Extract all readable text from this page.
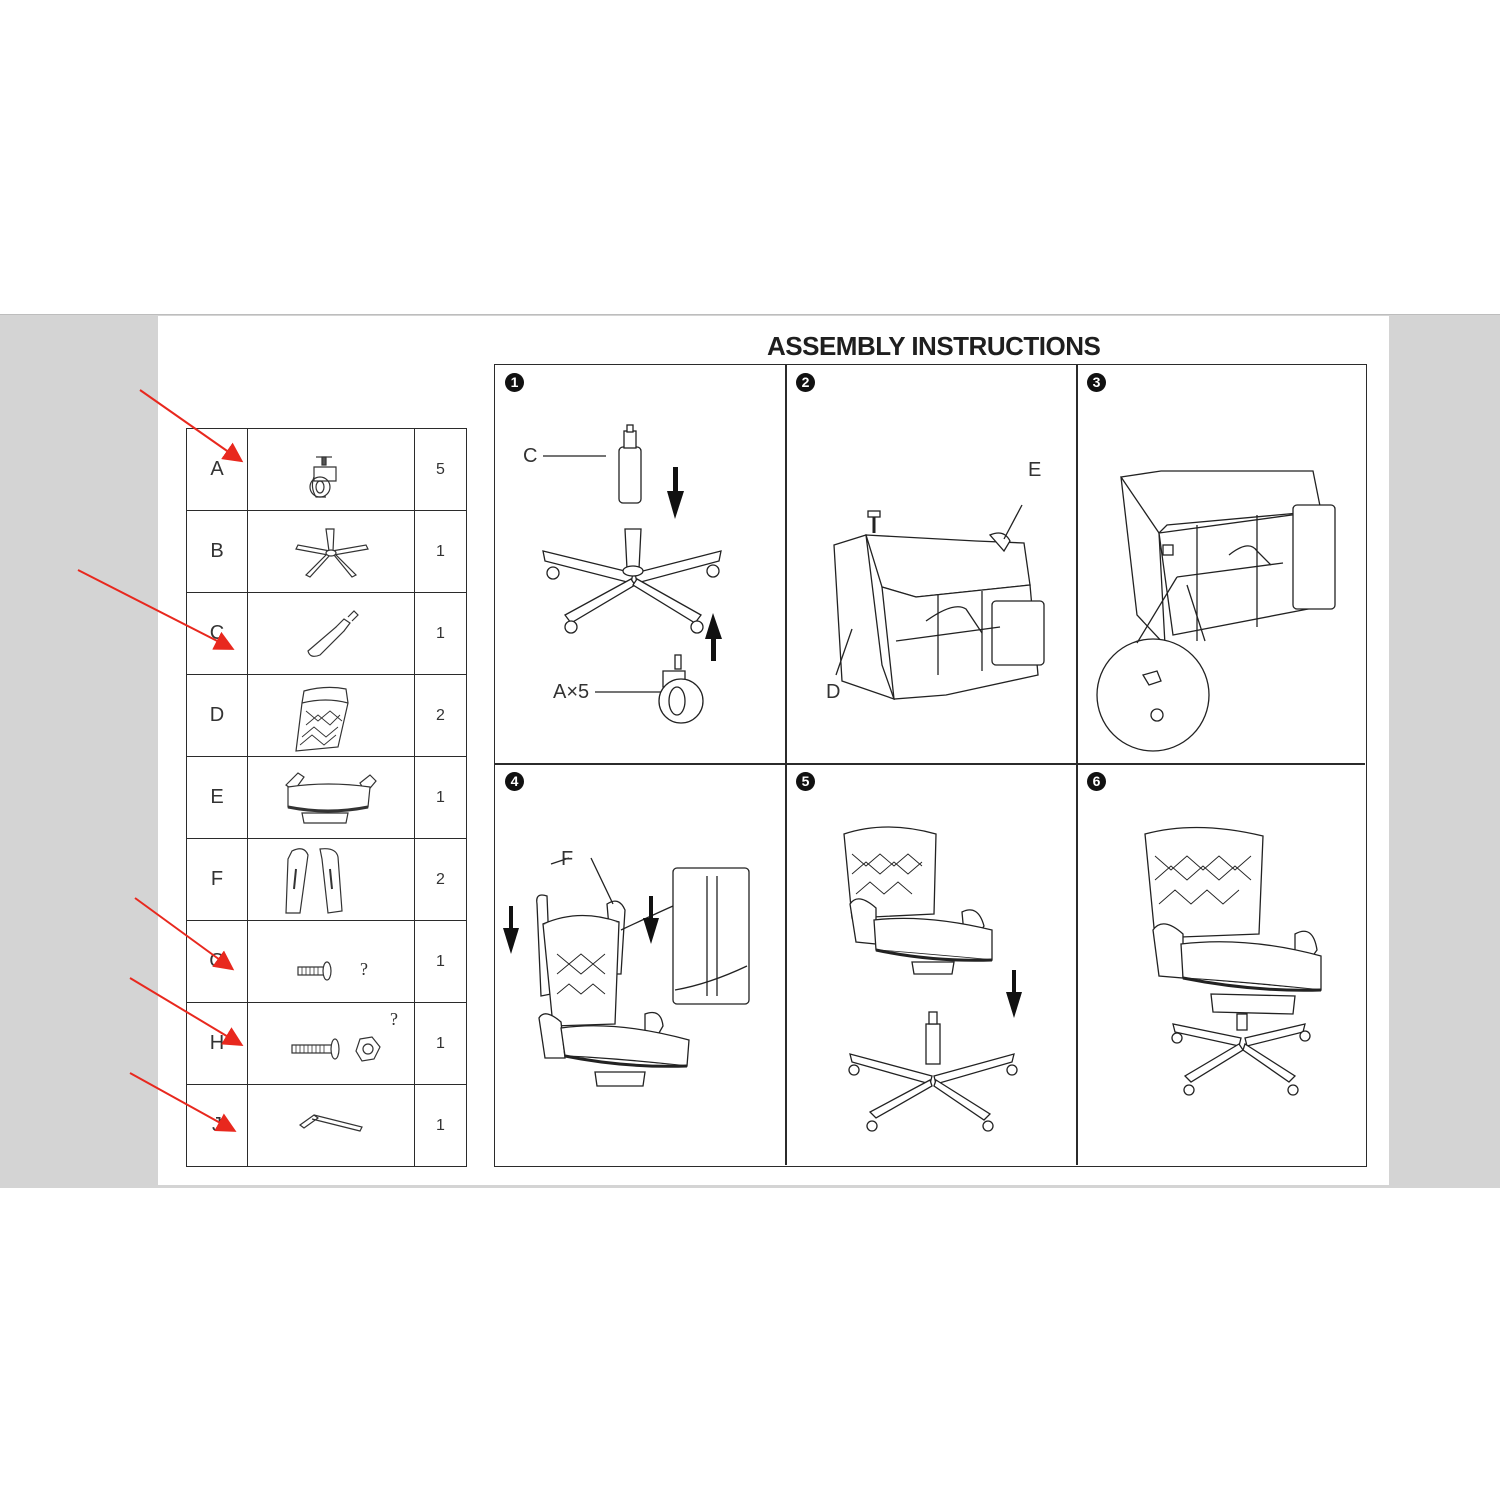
ASSEMBLY INSTRUCTIONS
A		5
B		1
C		1
D		2
E		1
F		2
G	?	1
H	?	1
J		1
1
C
A×5
2
E
D
3
4
F
5	6
